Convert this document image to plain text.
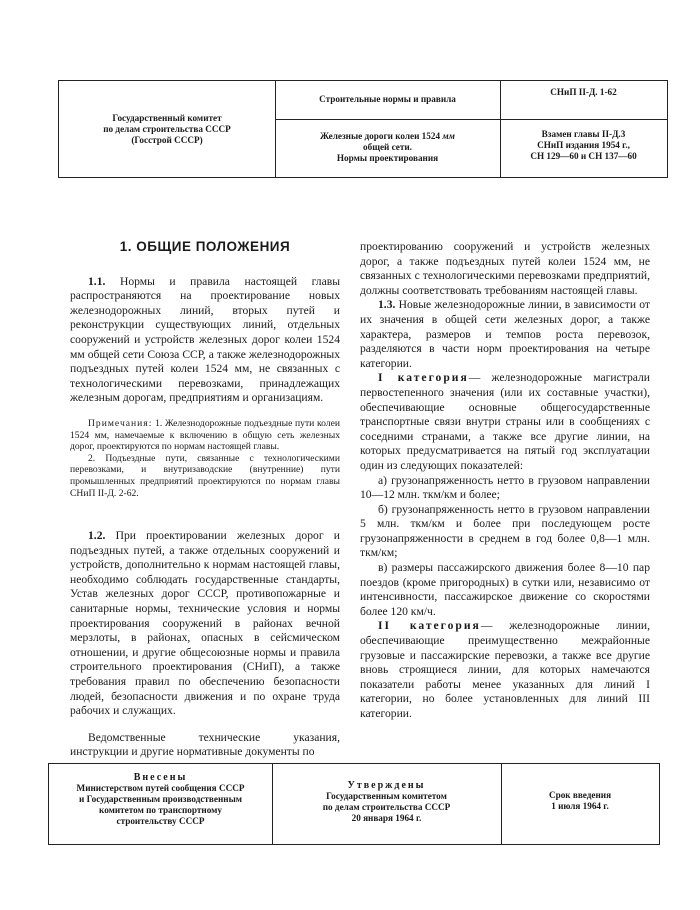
Государственный комитет
по делам строительства СССР
(Госстрой СССР)
Строительные нормы и правила
СНиП II-Д. 1-62
Железные дороги колеи 1524 мм
общей сети.
Нормы проектирования
Взамен главы II-Д.3
СНиП издания 1954 г.,
СН 129—60 и СН 137—60
1. ОБЩИЕ ПОЛОЖЕНИЯ

1.1. Нормы и правила настоящей главы распространяются на проектирование новых железнодорожных линий, вторых путей и реконструкции существующих линий, отдельных сооружений и устройств железных дорог колеи 1524 мм общей сети Союза ССР, а также железнодорожных подъездных путей колеи 1524 мм, не связанных с технологическими перевозками, принадлежащих железным дорогам, предприятиям и организациям.

Примечания: 1. Железнодорожные подъездные пути колеи 1524 мм, намечаемые к включению в общую сеть железных дорог, проектируются по нормам настоящей главы.

2. Подъездные пути, связанные с технологическими перевозками, и внутризаводские (внутренние) пути промышленных предприятий проектируются по нормам главы СНиП II-Д. 2-62.

1.2. При проектировании железных дорог и подъездных путей, а также отдельных сооружений и устройств, дополнительно к нормам настоящей главы, необходимо соблюдать государственные стандарты, Устав железных дорог СССР, противопожарные и санитарные нормы, технические условия и нормы проектирования сооружений в районах вечной мерзлоты, в районах, опасных в сейсмическом отношении, и другие общесоюзные нормы и правила строительного проектирования (СНиП), а также требования правил по обеспечению безопасности людей, безопасности движения и по охране труда рабочих и служащих.

Ведомственные технические указания, инструкции и другие нормативные документы по

проектированию сооружений и устройств железных дорог, а также подъездных путей колеи 1524 мм, не связанных с технологическими перевозками предприятий, должны соответствовать требованиям настоящей главы.

1.3. Новые железнодорожные линии, в зависимости от их значения в общей сети железных дорог, а также характера, размеров и темпов роста перевозок, разделяются в части норм проектирования на четыре категории.

I категория— железнодорожные магистрали первостепенного значения (или их составные участки), обеспечивающие основные общегосударственные транспортные связи внутри страны или в сообщениях с соседними странами, а также все другие линии, на которых предусматривается на пятый год эксплуатации один из следующих показателей:

а) грузонапряженность нетто в грузовом направлении 10—12 млн. ткм/км и более;

б) грузонапряженность нетто в грузовом направлении 5 млн. ткм/км и более при последующем росте грузонапряженности в среднем в год более 0,8—1 млн. ткм/км;

в) размеры пассажирского движения более 8—10 пар поездов (кроме пригородных) в сутки или, независимо от интенсивности, пассажирское движение со скоростями более 120 км/ч.

II категория— железнодорожные линии, обеспечивающие преимущественно межрайонные грузовые и пассажирские перевозки, а также все другие вновь строящиеся линии, для которых намечаются показатели работы менее указанных для линий I категории, но более установленных для линий III категории.

Внесены
Министерством путей сообщения СССР
и Государственным производственным
комитетом по транспортному
строительству СССР
Утверждены
Государственным комитетом
по делам строительства СССР
20 января 1964 г.
Срок введения
1 июля 1964 г.
